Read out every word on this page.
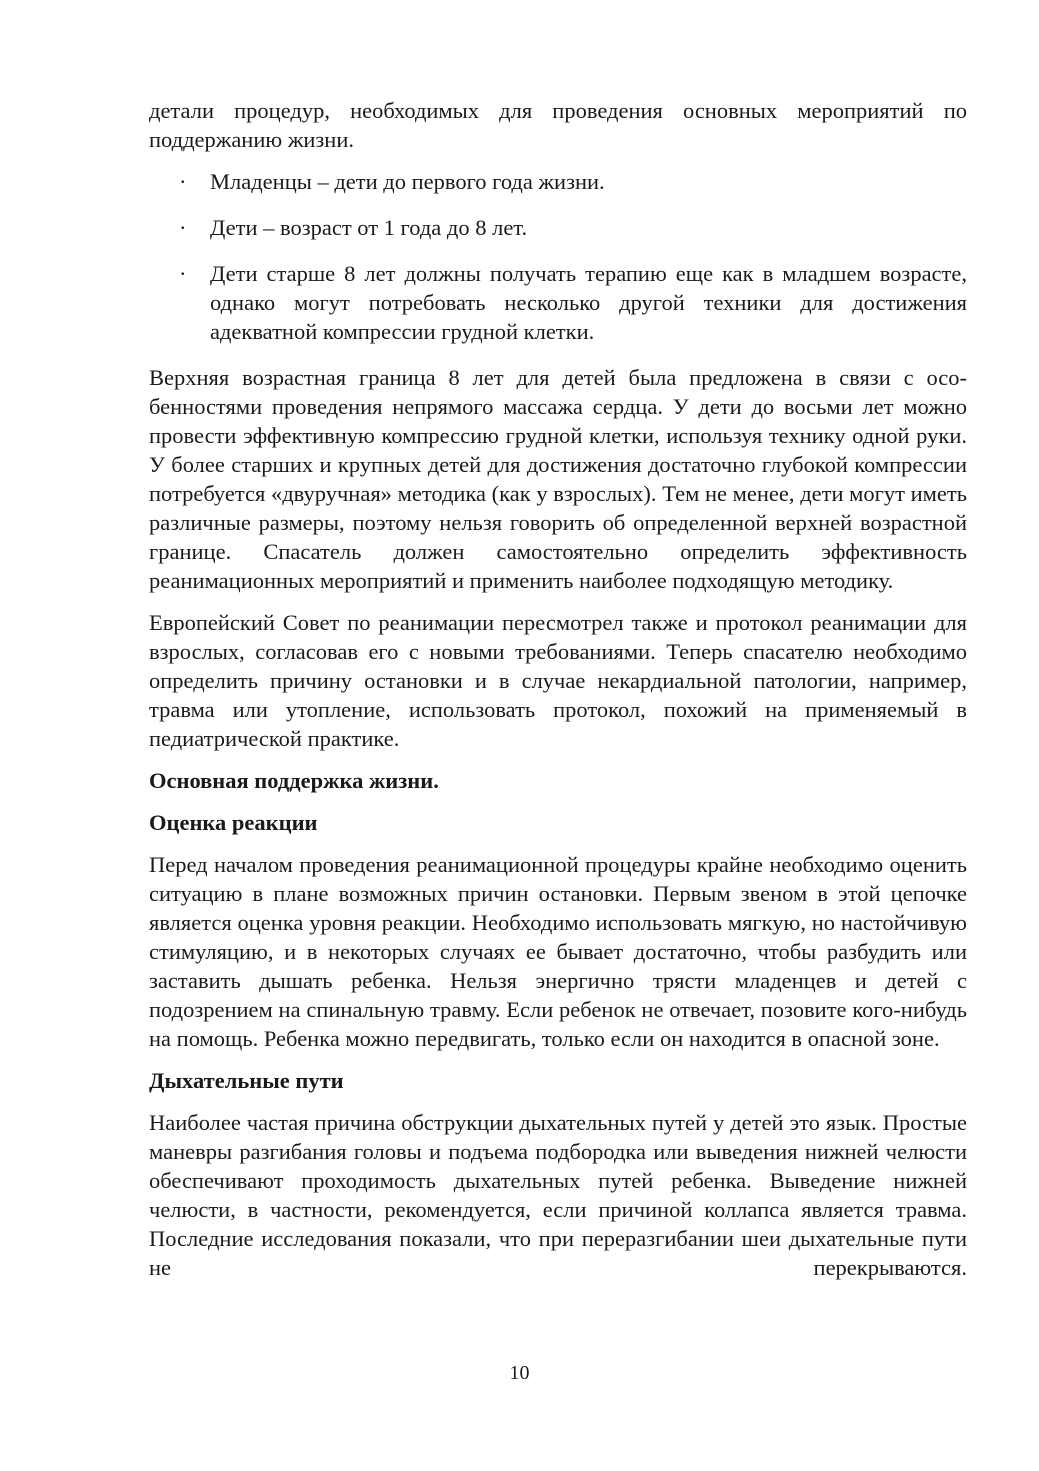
детали процедур, необходимых для проведения основных мероприятий по поддержанию жизни.

· Младенцы – дети до первого года жизни.
· Дети – возраст от 1 года до 8 лет.
· Дети старше 8 лет должны получать терапию еще как в младшем возрасте, однако могут потребовать несколько другой техники для достижения адекватной компрессии грудной клетки.

Верхняя возрастная граница 8 лет для детей была предложена в связи с особенностями проведения непрямого массажа сердца. У дети до восьми лет можно провести эффективную компрессию грудной клетки, используя технику одной руки. У более старших и крупных детей для достижения достаточно глубокой компрессии потребуется «двуручная» методика (как у взрослых). Тем не менее, дети могут иметь различные размеры, поэтому нельзя говорить об определенной верхней возрастной границе. Спасатель должен самостоятельно определить эффективность реанимационных мероприятий и применить наиболее подходящую методику.

Европейский Совет по реанимации пересмотрел также и протокол реанимации для взрослых, согласовав его с новыми требованиями. Теперь спасателю необходимо определить причину остановки и в случае некардиальной патологии, например, травма или утопление, использовать протокол, похожий на применяемый в педиатрической практике.

Основная поддержка жизни.
Оценка реакции

Перед началом проведения реанимационной процедуры крайне необходимо оценить ситуацию в плане возможных причин остановки. Первым звеном в этой цепочке является оценка уровня реакции. Необходимо использовать мягкую, но настойчивую стимуляцию, и в некоторых случаях ее бывает достаточно, чтобы разбудить или заставить дышать ребенка. Нельзя энергично трясти младенцев и детей с подозрением на спинальную травму. Если ребенок не отвечает, позовите кого-нибудь на помощь. Ребенка можно передвигать, только если он находится в опасной зоне.

Дыхательные пути

Наиболее частая причина обструкции дыхательных путей у детей это язык. Простые маневры разгибания головы и подъема подбородка или выведения нижней челюсти обеспечивают проходимость дыхательных путей ребенка. Выведение нижней челюсти, в частности, рекомендуется, если причиной коллапса является травма. Последние исследования показали, что при переразгибании шеи дыхательные пути не перекрываются.

10
